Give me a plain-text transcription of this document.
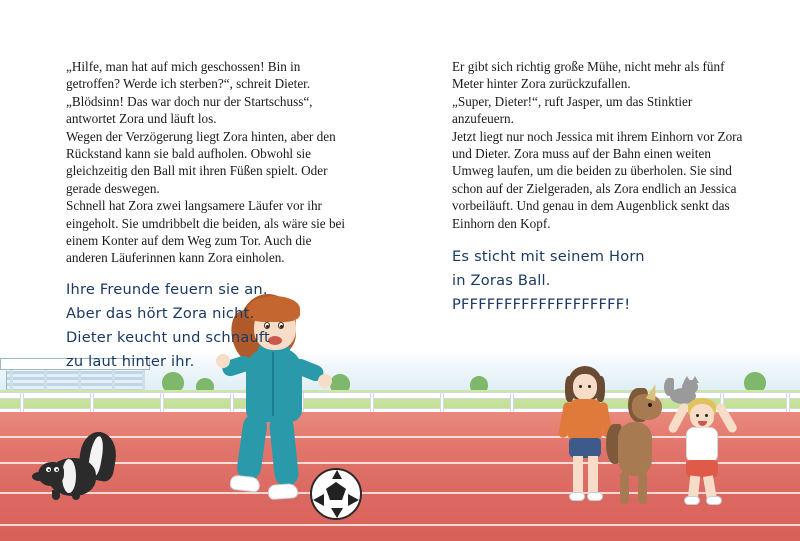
„Hilfe, man hat auf mich geschossen! Bin in getroffen? Werde ich sterben?“, schreit Dieter.

„Blödsinn! Das war doch nur der Startschuss“, antwortet Zora und läuft los.

Wegen der Verzögerung liegt Zora hinten, aber den Rückstand kann sie bald aufholen. Obwohl sie gleichzeitig den Ball mit ihren Füßen spielt. Oder gerade deswegen.

Schnell hat Zora zwei langsamere Läufer vor ihr eingeholt. Sie umdribbelt die beiden, als wäre sie bei einem Konter auf dem Weg zum Tor. Auch die anderen Läuferinnen kann Zora einholen.

Er gibt sich richtig große Mühe, nicht mehr als fünf Meter hinter Zora zurückzufallen.

„Super, Dieter!“, ruft Jasper, um das Stinktier anzufeuern.

Jetzt liegt nur noch Jessica mit ihrem Einhorn vor Zora und Dieter. Zora muss auf der Bahn einen weiten Umweg laufen, um die beiden zu überholen. Sie sind schon auf der Zielgeraden, als Zora endlich an Jessica vorbeiläuft. Und genau in dem Augenblick senkt das Einhorn den Kopf.

Ihre Freunde feuern sie an.
Aber das hört Zora nicht.
Dieter keucht und schnauft
zu laut hinter ihr.
Es sticht mit seinem Horn
in Zoras Ball.
PFFFFFFFFFFFFFFFFFFF!
